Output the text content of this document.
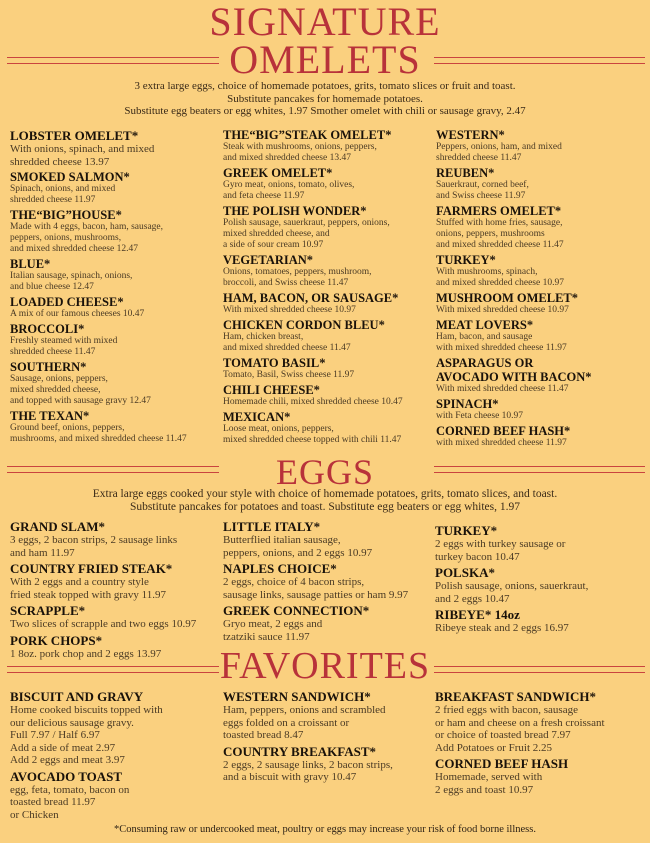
SIGNATURE
OMELETS
3 extra large eggs, choice of homemade potatoes, grits, tomato slices or fruit and toast.
Substitute pancakes for homemade potatoes.
Substitute egg beaters or egg whites, 1.97 Smother omelet with chili or sausage gravy, 2.47
LOBSTER OMELET*
With onions, spinach, and mixed
shredded cheese 13.97
SMOKED SALMON*
Spinach, onions, and mixed
shredded cheese 11.97
THE“BIG”HOUSE*
Made with 4 eggs, bacon, ham, sausage,
peppers, onions, mushrooms,
and mixed shredded cheese 12.47
BLUE*
Italian sausage, spinach, onions,
and blue cheese 12.47
LOADED CHEESE*
A mix of our famous cheeses 10.47
BROCCOLI*
Freshly steamed with mixed
shredded cheese 11.47
SOUTHERN*
Sausage, onions, peppers,
mixed shredded cheese,
and topped with sausage gravy 12.47
THE TEXAN*
Ground beef, onions, peppers,
mushrooms, and mixed shredded cheese 11.47
THE“BIG”STEAK OMELET*
Steak with mushrooms, onions, peppers,
and mixed shredded cheese 13.47
GREEK OMELET*
Gyro meat, onions, tomato, olives,
and feta cheese 11.97
THE POLISH WONDER*
Polish sausage, sauerkraut, peppers, onions,
mixed shredded cheese, and
a side of sour cream 10.97
VEGETARIAN*
Onions, tomatoes, peppers, mushroom,
broccoli, and Swiss cheese 11.47
HAM, BACON, OR SAUSAGE*
With mixed shredded cheese 10.97
CHICKEN CORDON BLEU*
Ham, chicken breast,
and mixed shredded cheese 11.47
TOMATO BASIL*
Tomato, Basil, Swiss cheese 11.97
CHILI CHEESE*
Homemade chili, mixed shredded cheese 10.47
MEXICAN*
Loose meat, onions, peppers,
mixed shredded cheese topped with chili 11.47
WESTERN*
Peppers, onions, ham, and mixed
shredded cheese 11.47
REUBEN*
Sauerkraut, corned beef,
and Swiss cheese 11.97
FARMERS OMELET*
Stuffed with home fries, sausage,
onions, peppers, mushrooms
and mixed shredded cheese 11.47
TURKEY*
With mushrooms, spinach,
and mixed shredded cheese 10.97
MUSHROOM OMELET*
With mixed shredded cheese 10.97
MEAT LOVERS*
Ham, bacon, and sausage
with mixed shredded cheese 11.97
ASPARAGUS OR
AVOCADO WITH BACON*
With mixed shredded cheese 11.47
SPINACH*
with Feta cheese 10.97
CORNED BEEF HASH*
with mixed shredded cheese 11.97
EGGS
Extra large eggs cooked your style with choice of homemade potatoes, grits, tomato slices, and toast.
Substitute pancakes for potatoes and toast. Substitute egg beaters or egg whites, 1.97
GRAND SLAM*
3 eggs, 2 bacon strips, 2 sausage links
and ham 11.97
COUNTRY FRIED STEAK*
With 2 eggs and a country style
fried steak topped with gravy 11.97
SCRAPPLE*
Two slices of scrapple and two eggs 10.97
PORK CHOPS*
1 8oz. pork chop and 2 eggs 13.97
LITTLE ITALY*
Butterflied italian sausage,
peppers, onions, and 2 eggs 10.97
NAPLES CHOICE*
2 eggs, choice of 4 bacon strips,
sausage links, sausage patties or ham 9.97
GREEK CONNECTION*
Gryo meat, 2 eggs and
tzatziki sauce 11.97
TURKEY*
2 eggs with turkey sausage or
turkey bacon 10.47
POLSKA*
Polish sausage, onions, sauerkraut,
and 2 eggs 10.47
RIBEYE* 14oz
Ribeye steak and 2 eggs 16.97
FAVORITES
BISCUIT AND GRAVY
Home cooked biscuits topped with
our delicious sausage gravy.
Full 7.97 / Half 6.97
Add a side of meat 2.97
Add 2 eggs and meat 3.97
AVOCADO TOAST
egg, feta, tomato, bacon on
toasted bread 11.97
or Chicken
WESTERN SANDWICH*
Ham, peppers, onions and scrambled
eggs folded on a croissant or
toasted bread 8.47
COUNTRY BREAKFAST*
2 eggs, 2 sausage links, 2 bacon strips,
and a biscuit with gravy 10.47
BREAKFAST SANDWICH*
2 fried eggs with bacon, sausage
or ham and cheese on a fresh croissant
or choice of toasted bread 7.97
Add Potatoes or Fruit 2.25
CORNED BEEF HASH
Homemade, served with
2 eggs and toast 10.97
*Consuming raw or undercooked meat, poultry or eggs may increase your risk of food borne illness.
